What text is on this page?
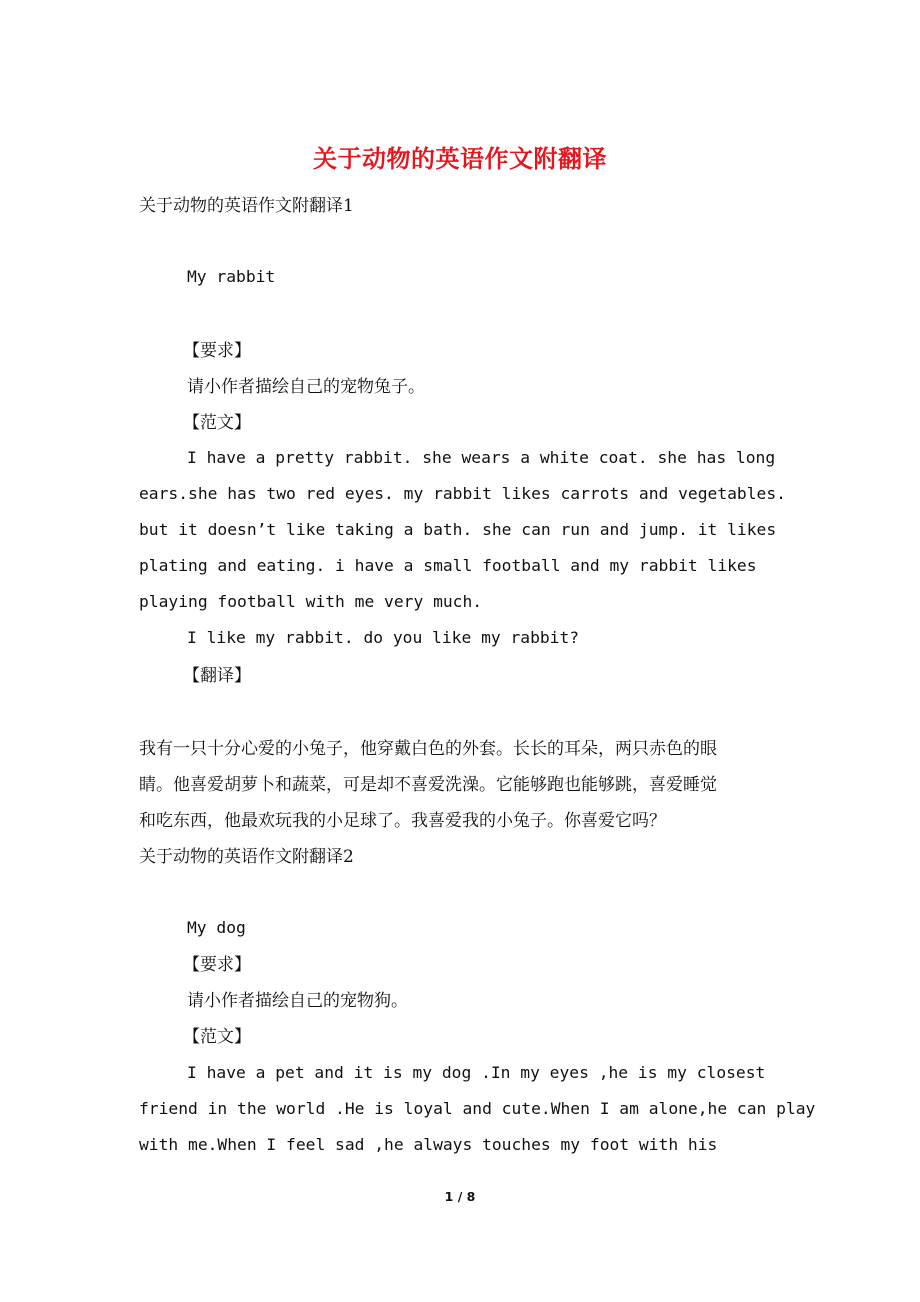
关于动物的英语作文附翻译
关于动物的英语作文附翻译1
My rabbit
【要求】
请小作者描绘自己的宠物兔子。
【范文】
I have a pretty rabbit. she wears a white coat. she has long
ears.she has two red eyes. my rabbit likes carrots and vegetables.
but it doesn’t like taking a bath. she can run and jump. it likes
plating and eating. i have a small football and my rabbit likes
playing football with me very much.
I like my rabbit. do you like my rabbit?
【翻译】
我有一只十分心爱的小兔子，他穿戴白色的外套。长长的耳朵，两只赤色的眼
睛。他喜爱胡萝卜和蔬菜，可是却不喜爱洗澡。它能够跑也能够跳，喜爱睡觉
和吃东西，他最欢玩我的小足球了。我喜爱我的小兔子。你喜爱它吗？
关于动物的英语作文附翻译2
My dog
【要求】
请小作者描绘自己的宠物狗。
【范文】
I have a pet and it is my dog .In my eyes ,he is my closest
friend in the world .He is loyal and cute.When I am alone,he can play
with me.When I feel sad ,he always touches my foot with his
1 / 8
